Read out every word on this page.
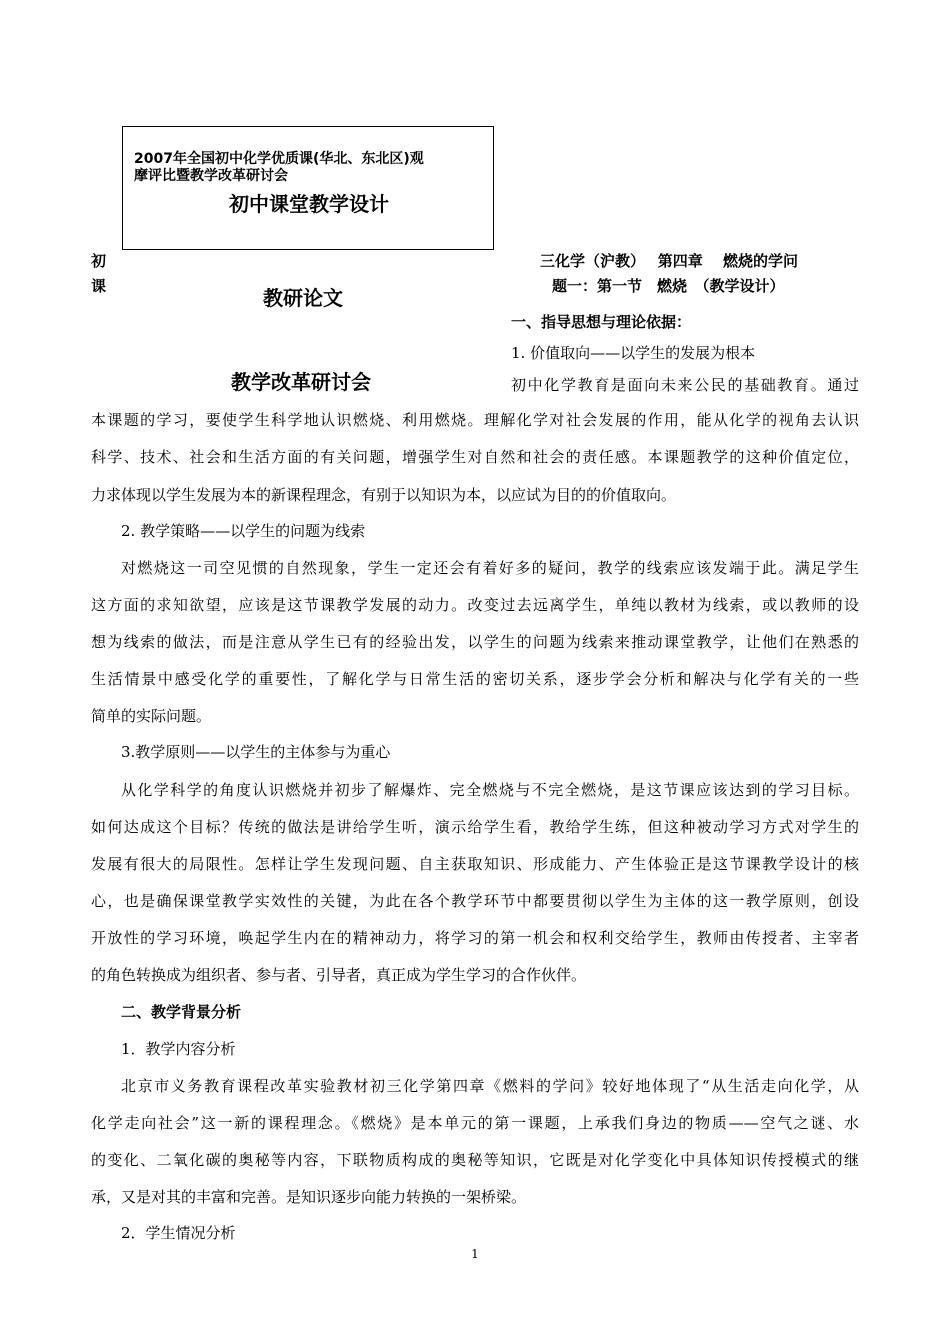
2007年全国初中化学优质课(华北、东北区)观
摩评比暨教学改革研讨会
初中课堂教学设计
初
课	教研论文
教学改革研讨会
三化学（沪教）　 第四章　 燃烧的学问
题一：第一节　燃烧　（教学设计）
一、指导思想与理论依据：
1. 价值取向——以学生的发展为根本
初中化学教育是面向未来公民的基础教育。通过
本课题的学习，要使学生科学地认识燃烧、利用燃烧。理解化学对社会发展的作用，能从化学的视角去认识
科学、技术、社会和生活方面的有关问题，增强学生对自然和社会的责任感。本课题教学的这种价值定位，
力求体现以学生发展为本的新课程理念，有别于以知识为本，以应试为目的的价值取向。
2. 教学策略——以学生的问题为线索
对燃烧这一司空见惯的自然现象，学生一定还会有着好多的疑问，教学的线索应该发端于此。满足学生
这方面的求知欲望，应该是这节课教学发展的动力。改变过去远离学生，单纯以教材为线索，或以教师的设
想为线索的做法，而是注意从学生已有的经验出发，以学生的问题为线索来推动课堂教学，让他们在熟悉的
生活情景中感受化学的重要性，了解化学与日常生活的密切关系，逐步学会分析和解决与化学有关的一些
简单的实际问题。
3.教学原则——以学生的主体参与为重心
从化学科学的角度认识燃烧并初步了解爆炸、完全燃烧与不完全燃烧，是这节课应该达到的学习目标。
如何达成这个目标？传统的做法是讲给学生听，演示给学生看，教给学生练，但这种被动学习方式对学生的
发展有很大的局限性。怎样让学生发现问题、自主获取知识、形成能力、产生体验正是这节课教学设计的核
心，也是确保课堂教学实效性的关键，为此在各个教学环节中都要贯彻以学生为主体的这一教学原则，创设
开放性的学习环境，唤起学生内在的精神动力，将学习的第一机会和权利交给学生，教师由传授者、主宰者
的角色转换成为组织者、参与者、引导者，真正成为学生学习的合作伙伴。
二、教学背景分析
1．教学内容分析
北京市义务教育课程改革实验教材初三化学第四章《燃料的学问》较好地体现了“从生活走向化学，从
化学走向社会”这一新的课程理念。《燃烧》是本单元的第一课题，上承我们身边的物质——空气之谜、水
的变化、二氧化碳的奥秘等内容，下联物质构成的奥秘等知识，它既是对化学变化中具体知识传授模式的继
承，又是对其的丰富和完善。是知识逐步向能力转换的一架桥梁。
2．学生情况分析
1
